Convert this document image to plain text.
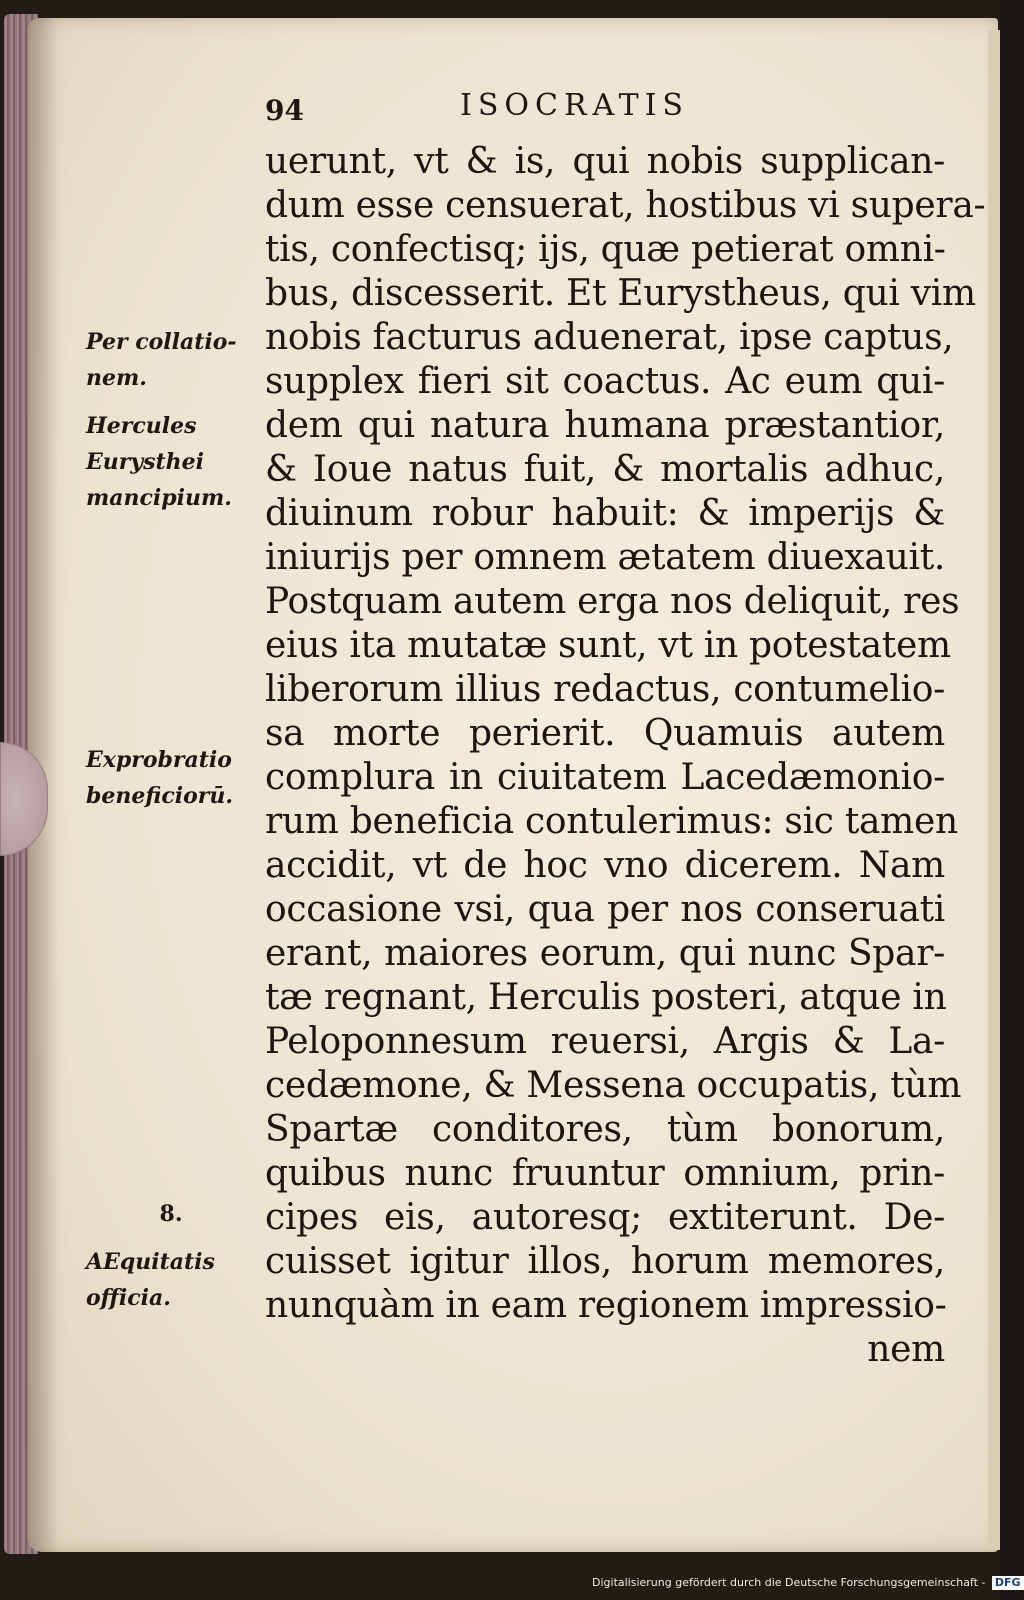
94	ISOCRATIS
uerunt, vt & is, qui nobis supplican-
dum esse censuerat, hostibus vi supera-
tis, confectisq; ijs, quæ petierat omni-
bus, discesserit. Et Eurystheus, qui vim
nobis facturus aduenerat, ipse captus,
supplex fieri sit coactus. Ac eum qui-
dem qui natura humana præstantior,
& Ioue natus fuit, & mortalis adhuc,
diuinum robur habuit: & imperijs &
iniurijs per omnem ætatem diuexauit.
Postquam autem erga nos deliquit, res
eius ita mutatæ sunt, vt in potestatem
liberorum illius redactus, contumelio-
sa morte perierit. Quamuis autem
complura in ciuitatem Lacedæmonio-
rum beneficia contulerimus: sic tamen
accidit, vt de hoc vno dicerem. Nam
occasione vsi, qua per nos conseruati
erant, maiores eorum, qui nunc Spar-
tæ regnant, Herculis posteri, atque in
Peloponnesum reuersi, Argis & La-
cedæmone, & Messena occupatis, tùm
Spartæ conditores, tùm bonorum,
quibus nunc fruuntur omnium, prin-
cipes eis, autoresq; extiterunt. De-
cuisset igitur illos, horum memores,
nunquàm in eam regionem impressio-
nem
Per collatio-
nem.
Hercules
Eurysthei
mancipium.
Exprobratio
beneficiorū.
8.
AEquitatis
officia.
Digitalisierung gefördert durch die Deutsche Forschungsgemeinschaft - DFG
